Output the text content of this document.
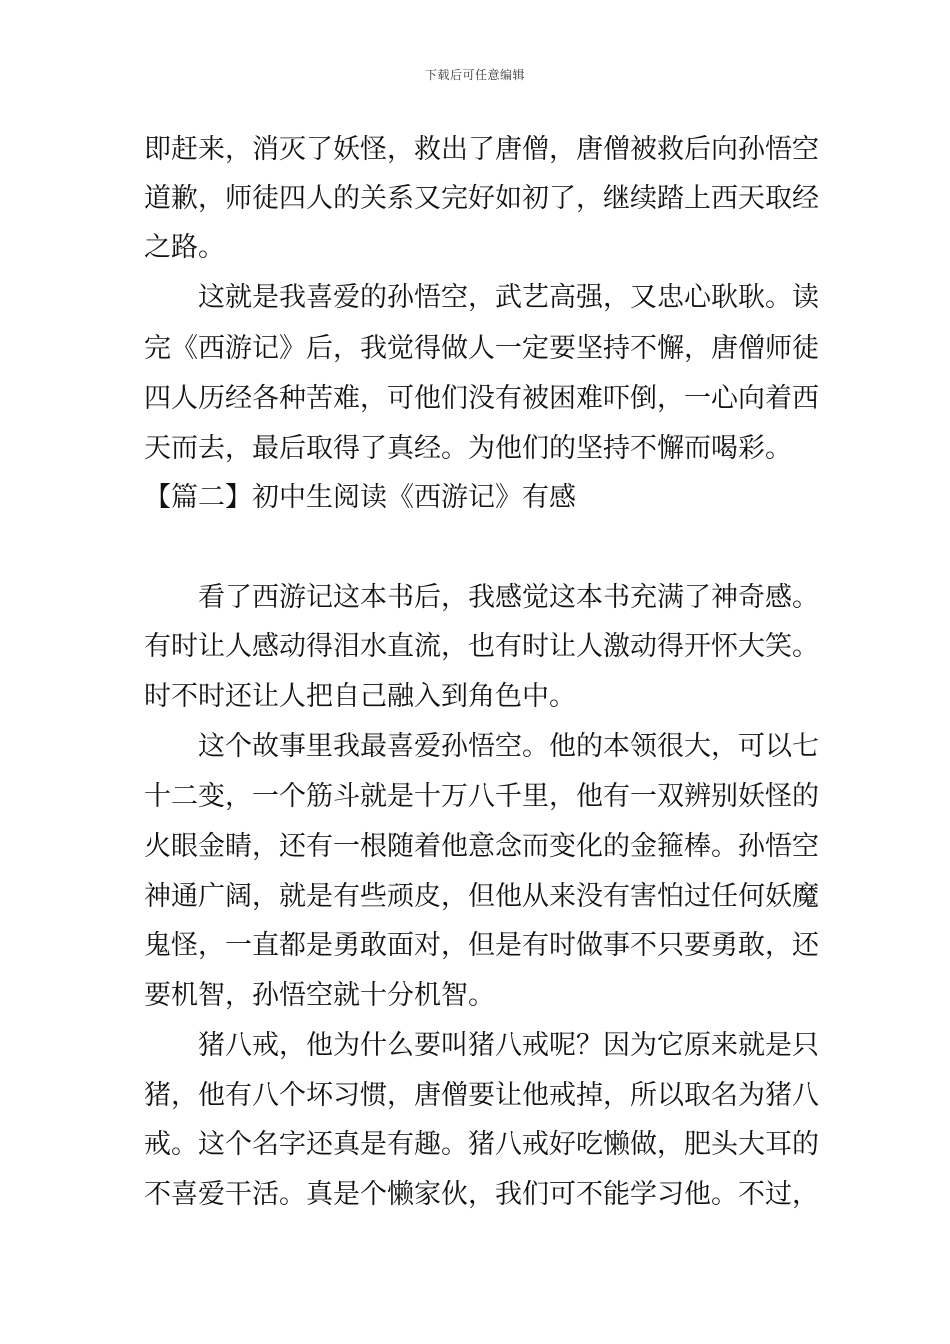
下载后可任意编辑
即赶来，消灭了妖怪，救出了唐僧，唐僧被救后向孙悟空
道歉，师徒四人的关系又完好如初了，继续踏上西天取经
之路。
这就是我喜爱的孙悟空，武艺高强，又忠心耿耿。读
完《西游记》后，我觉得做人一定要坚持不懈，唐僧师徒
四人历经各种苦难，可他们没有被困难吓倒，一心向着西
天而去，最后取得了真经。为他们的坚持不懈而喝彩。
【篇二】初中生阅读《西游记》有感
看了西游记这本书后，我感觉这本书充满了神奇感。
有时让人感动得泪水直流，也有时让人激动得开怀大笑。
时不时还让人把自己融入到角色中。
这个故事里我最喜爱孙悟空。他的本领很大，可以七
十二变，一个筋斗就是十万八千里，他有一双辨别妖怪的
火眼金睛，还有一根随着他意念而变化的金箍棒。孙悟空
神通广阔，就是有些顽皮，但他从来没有害怕过任何妖魔
鬼怪，一直都是勇敢面对，但是有时做事不只要勇敢，还
要机智，孙悟空就十分机智。
猪八戒，他为什么要叫猪八戒呢？因为它原来就是只
猪，他有八个坏习惯，唐僧要让他戒掉，所以取名为猪八
戒。这个名字还真是有趣。猪八戒好吃懒做，肥头大耳的
不喜爱干活。真是个懒家伙，我们可不能学习他。不过，
